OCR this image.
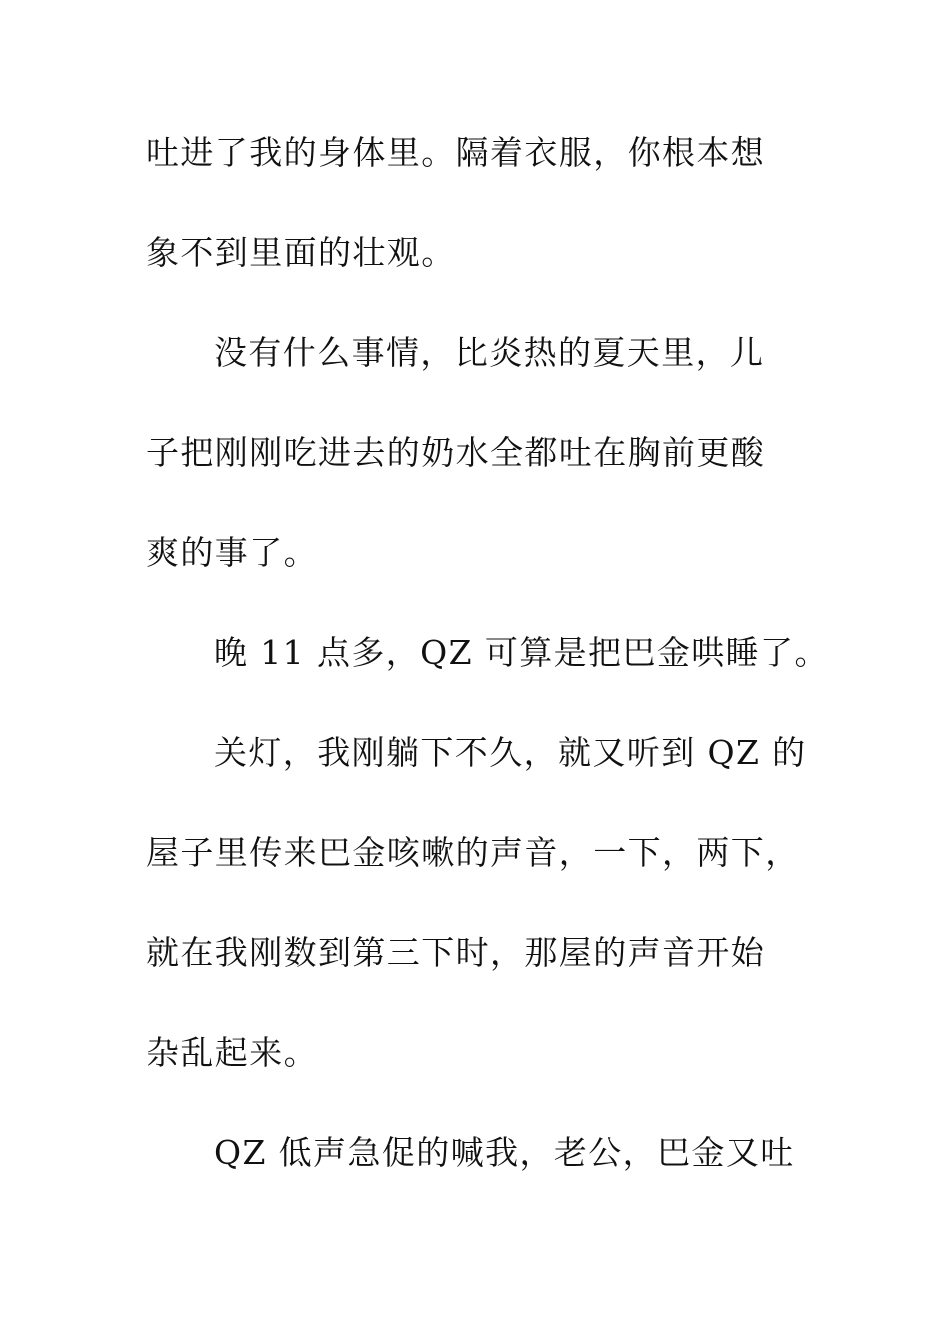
吐进了我的身体里。隔着衣服，你根本想
象不到里面的壮观。
没有什么事情，比炎热的夏天里，儿
子把刚刚吃进去的奶水全都吐在胸前更酸
爽的事了。
晚 11 点多，QZ 可算是把巴金哄睡了。
关灯，我刚躺下不久，就又听到 QZ 的
屋子里传来巴金咳嗽的声音，一下，两下，
就在我刚数到第三下时，那屋的声音开始
杂乱起来。
QZ 低声急促的喊我，老公，巴金又吐
